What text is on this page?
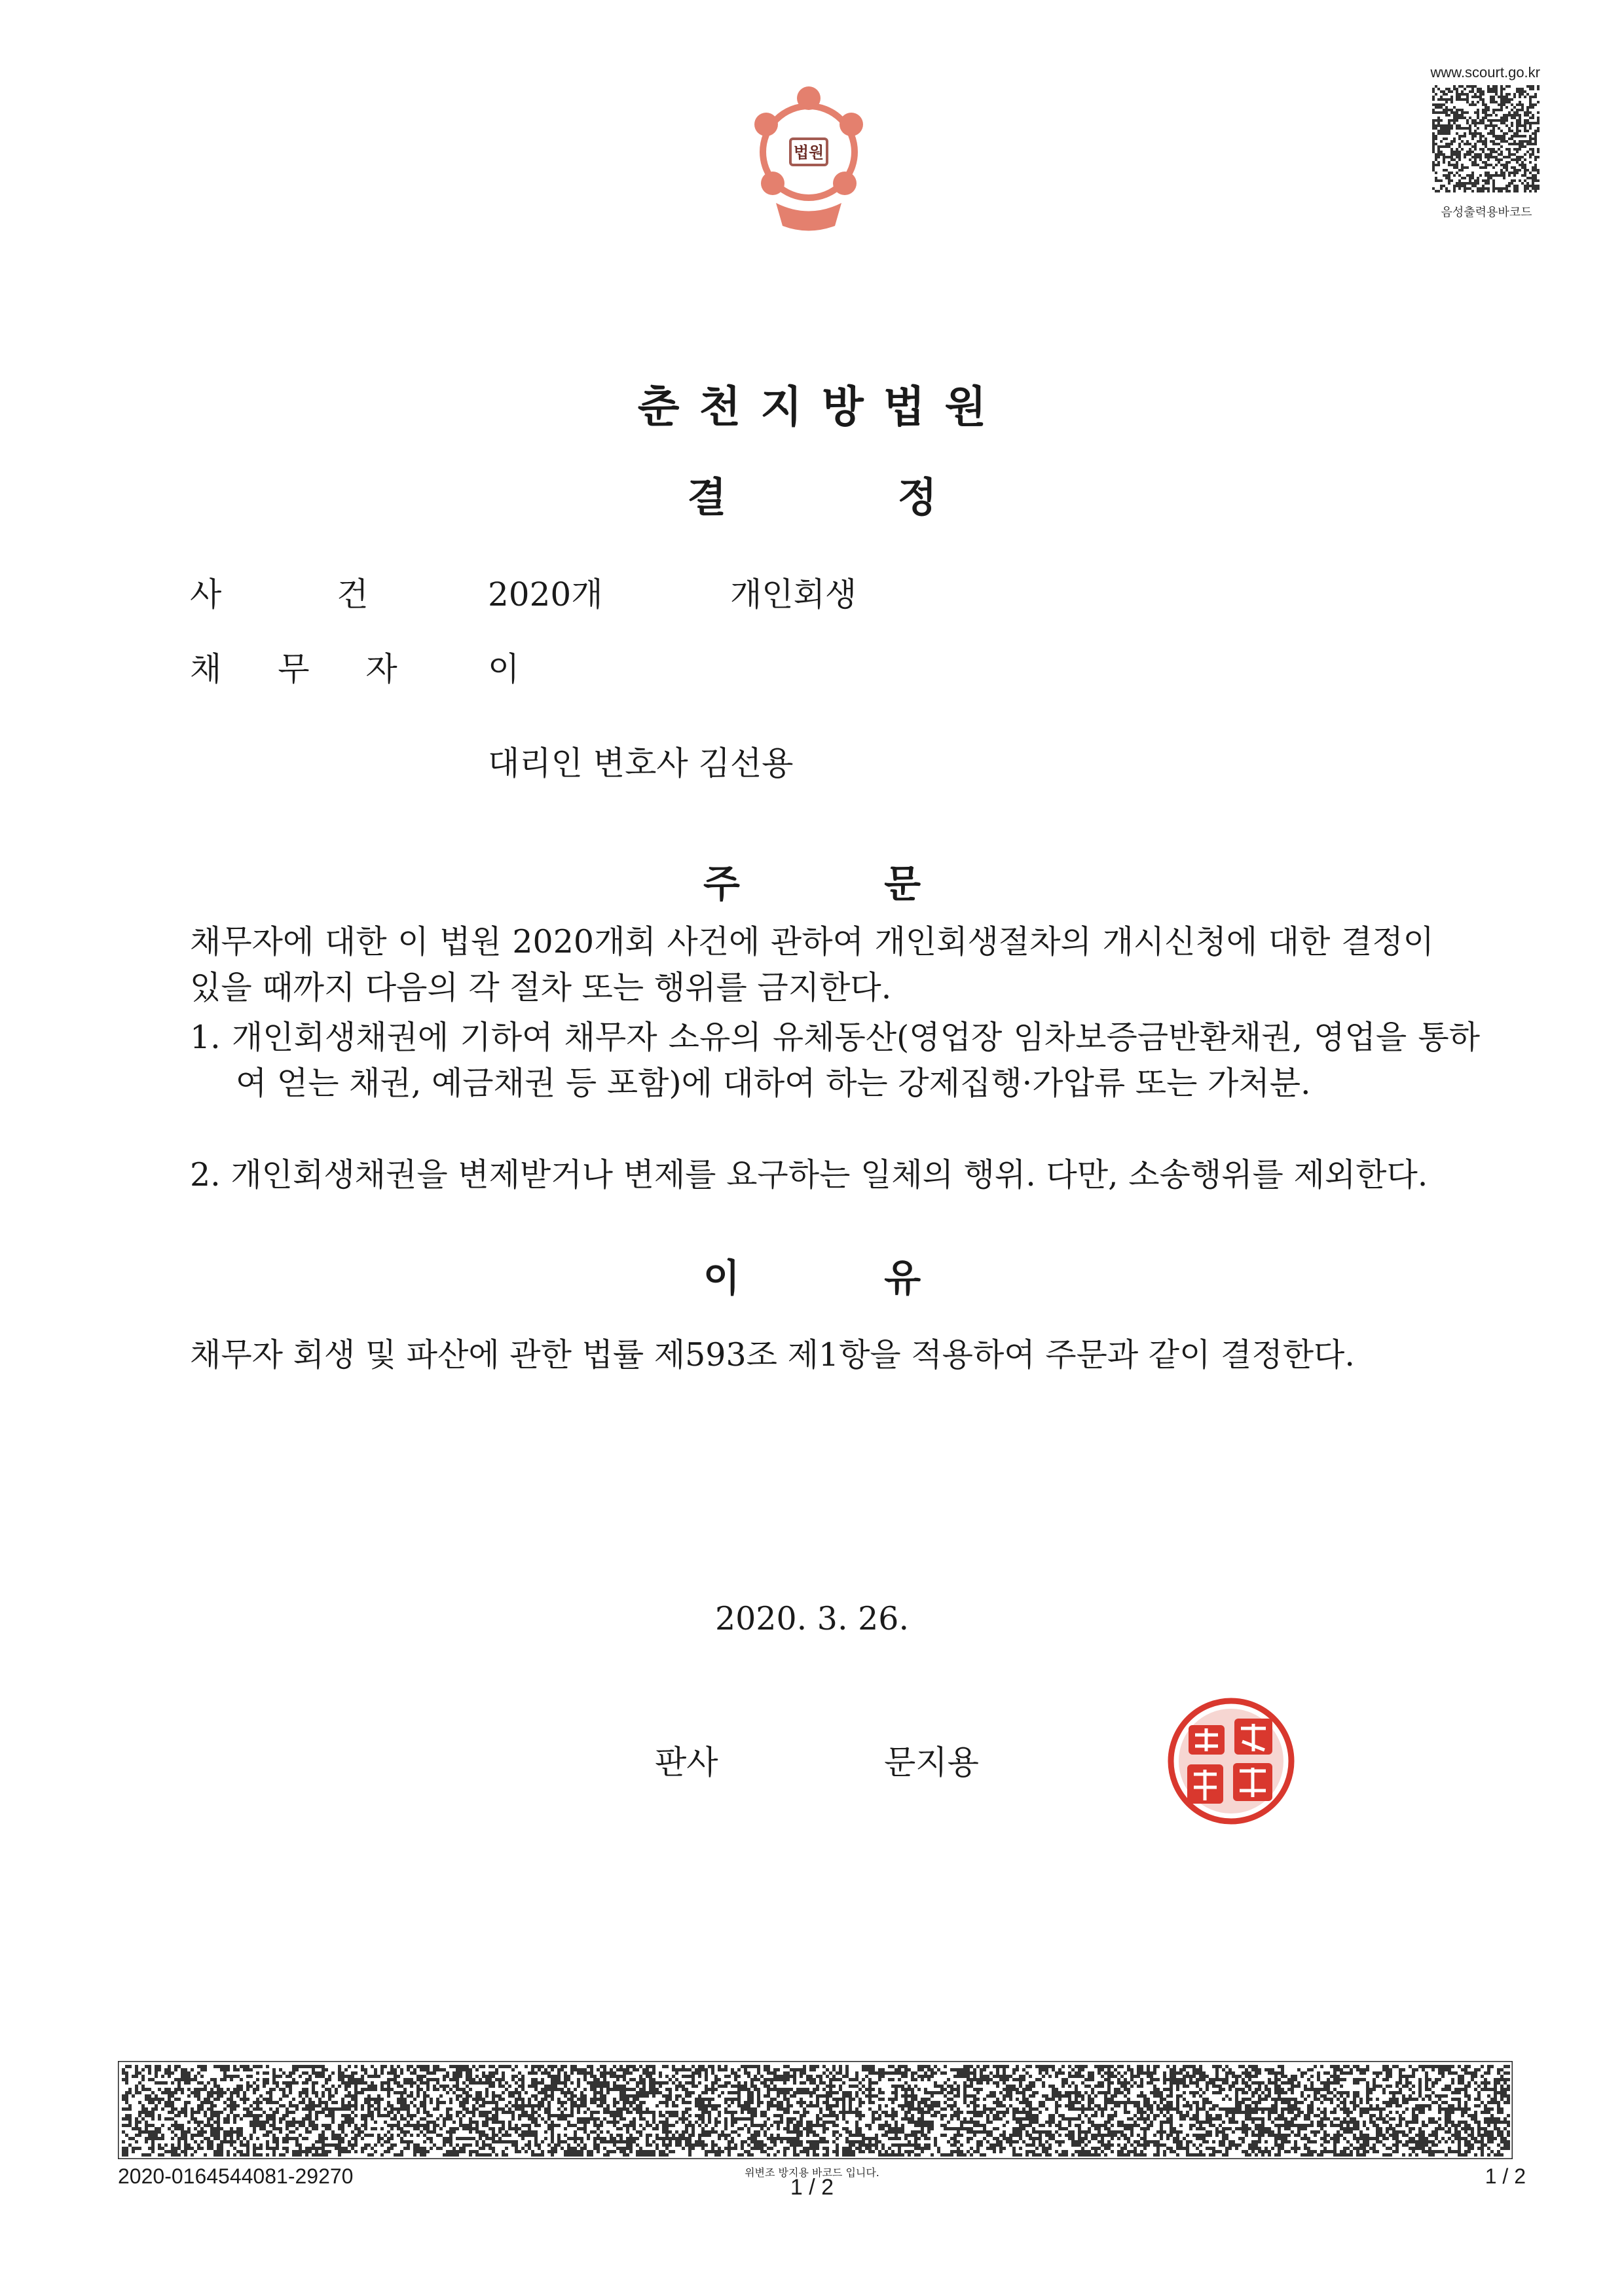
법원
www.scourt.go.kr
음성출력용바코드
춘천지방법원
결 정
사 건	2020개	개인회생
채 무 자	이
대리인 변호사 김선용
주 문
채무자에 대한 이 법원 2020개회 사건에 관하여 개인회생절차의 개시신청에 대한 결정이 있을 때까지 다음의 각 절차 또는 행위를 금지한다.
1. 개인회생채권에 기하여 채무자 소유의 유체동산(영업장 임차보증금반환채권, 영업을 통하여 얻는 채권, 예금채권 등 포함)에 대하여 하는 강제집행·가압류 또는 가처분.
2. 개인회생채권을 변제받거나 변제를 요구하는 일체의 행위. 다만, 소송행위를 제외한다.
이 유
채무자 회생 및 파산에 관한 법률 제593조 제1항을 적용하여 주문과 같이 결정한다.
2020. 3. 26.
판사	문지용
2020-0164544081-29270	위변조 방지용 바코드 입니다.
1 / 2	1 / 2
